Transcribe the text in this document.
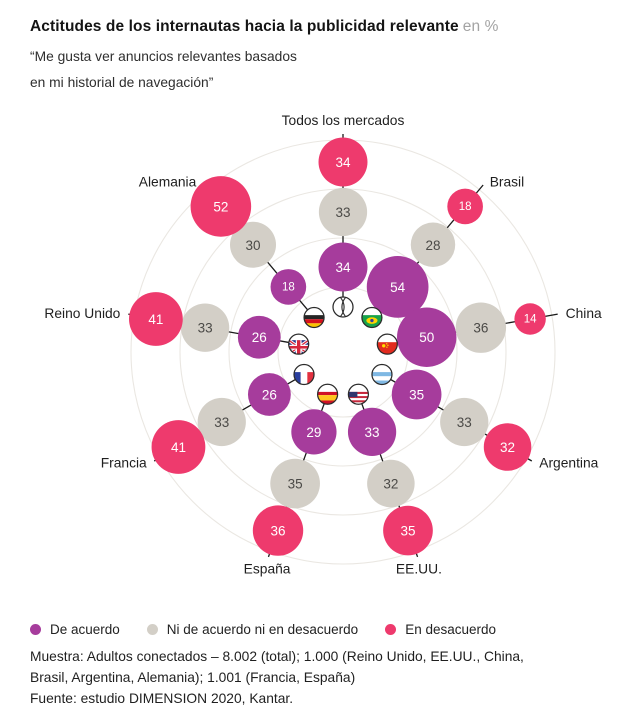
Actitudes de los internautas hacia la publicidad relevante en %

“Me gusta ver anuncios relevantes basados

en mi historial de navegación”

34
33
34
54
28
18
50
36
14
35
33
32
33
32
35
29
35
36
26
33
41
26
33
41
18
30
52
Todos los mercados
Brasil
China
Argentina
EE.UU.
España
Francia
Reino Unido
Alemania
De acuerdo	Ni de acuerdo ni en desacuerdo	En desacuerdo
Muestra: Adultos conectados – 8.002 (total); 1.000 (Reino Unido, EE.UU., China,
Brasil, Argentina, Alemania); 1.001 (Francia, España)
Fuente: estudio DIMENSION 2020, Kantar.
